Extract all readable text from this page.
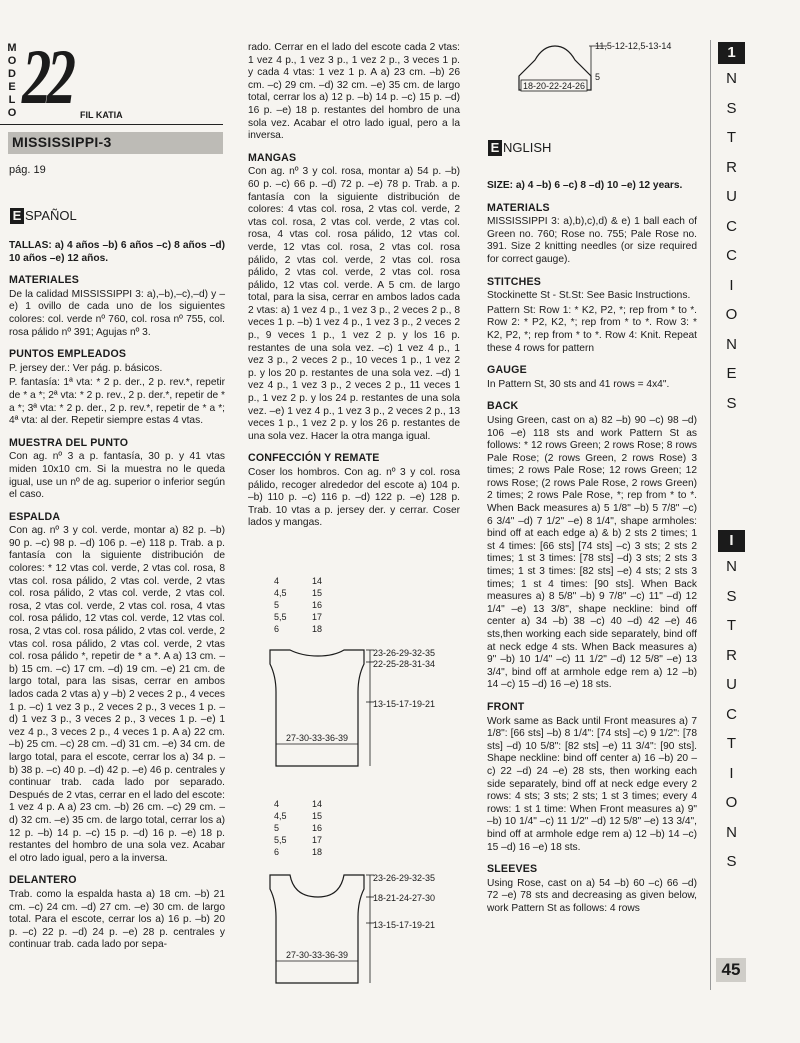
M
O
D
E
L
O 22 FIL KATIA
MISSISSIPPI-3
pág. 19
E SPAÑOL

TALLAS: a) 4 años –b) 6 años –c) 8 años –d) 10 años –e) 12 años.

MATERIALES

De la calidad MISSISSIPPI 3: a),–b),–c),–d) y –e) 1 ovillo de cada uno de los siguientes colores: col. verde nº 760, col. rosa nº 755, col. rosa pálido nº 391; Agujas nº 3.

PUNTOS EMPLEADOS

P. jersey der.: Ver pág. p. básicos.

P. fantasía: 1ª vta: * 2 p. der., 2 p. rev.*, repetir de * a *; 2ª vta: * 2 p. rev., 2 p. der.*, repetir de * a *; 3ª vta: * 2 p. der., 2 p. rev.*, repetir de * a *; 4ª vta: al der. Repetir siempre estas 4 vtas.

MUESTRA DEL PUNTO

Con ag. nº 3 a p. fantasía, 30 p. y 41 vtas miden 10x10 cm. Si la muestra no le queda igual, use un nº de ag. superior o inferior según el caso.

ESPALDA

Con ag. nº 3 y col. verde, montar a) 82 p. –b) 90 p. –c) 98 p. –d) 106 p. –e) 118 p. Trab. a p. fantasía con la siguiente distribución de colores: * 12 vtas col. verde, 2 vtas col. rosa, 8 vtas col. rosa pálido, 2 vtas col. verde, 2 vtas col. rosa pálido, 2 vtas col. verde, 2 vtas col. rosa, 2 vtas col. verde, 2 vtas col. rosa, 4 vtas col. rosa pálido, 12 vtas col. verde, 12 vtas col. rosa, 2 vtas col. rosa pálido, 2 vtas col. verde, 2 vtas col. rosa pálido, 2 vtas col. verde, 2 vtas col. rosa pálido *, repetir de * a *. A a) 13 cm. –b) 15 cm. –c) 17 cm. –d) 19 cm. –e) 21 cm. de largo total, para las sisas, cerrar en ambos lados cada 2 vtas a) y –b) 2 veces 2 p., 4 veces 1 p. –c) 1 vez 3 p., 2 veces 2 p., 3 veces 1 p. –d) 1 vez 3 p., 3 veces 2 p., 3 veces 1 p. –e) 1 vez 4 p., 3 veces 2 p., 4 veces 1 p. A a) 22 cm. –b) 25 cm. –c) 28 cm. –d) 31 cm. –e) 34 cm. de largo total, para el escote, cerrar los a) 34 p. –b) 38 p. –c) 40 p. –d) 42 p. –e) 46 p. centrales y continuar trab. cada lado por separado. Después de 2 vtas, cerrar en el lado del escote: 1 vez 4 p. A a) 23 cm. –b) 26 cm. –c) 29 cm. –d) 32 cm. –e) 35 cm. de largo total, cerrar los a) 12 p. –b) 14 p. –c) 15 p. –d) 16 p. –e) 18 p. restantes del hombro de una sola vez. Acabar el otro lado igual, pero a la inversa.

DELANTERO

Trab. como la espalda hasta a) 18 cm. –b) 21 cm. –c) 24 cm. –d) 27 cm. –e) 30 cm. de largo total. Para el escote, cerrar los a) 16 p. –b) 20 p. –c) 22 p. –d) 24 p. –e) 28 p. centrales y continuar trab. cada lado por sepa-

rado. Cerrar en el lado del escote cada 2 vtas: 1 vez 4 p., 1 vez 3 p., 1 vez 2 p., 3 veces 1 p. y cada 4 vtas: 1 vez 1 p. A a) 23 cm. –b) 26 cm. –c) 29 cm. –d) 32 cm. –e) 35 cm. de largo total, cerrar los a) 12 p. –b) 14 p. –c) 15 p. –d) 16 p. –e) 18 p. restantes del hombro de una sola vez. Acabar el otro lado igual, pero a la inversa.

MANGAS

Con ag. nº 3 y col. rosa, montar a) 54 p. –b) 60 p. –c) 66 p. –d) 72 p. –e) 78 p. Trab. a p. fantasía con la siguiente distribución de colores: 4 vtas col. rosa, 2 vtas col. verde, 2 vtas col. rosa, 2 vtas col. verde, 2 vtas col. rosa, 4 vtas col. rosa pálido, 12 vtas col. verde, 12 vtas col. rosa, 2 vtas col. rosa pálido, 2 vtas col. verde, 2 vtas col. rosa pálido, 2 vtas col. verde, 2 vtas col. rosa pálido, 12 vtas col. verde. A 5 cm. de largo total, para la sisa, cerrar en ambos lados cada 2 vtas: a) 1 vez 4 p., 1 vez 3 p., 2 veces 2 p., 8 veces 1 p. –b) 1 vez 4 p., 1 vez 3 p., 2 veces 2 p., 9 veces 1 p., 1 vez 2 p. y los 16 p. restantes de una sola vez. –c) 1 vez 4 p., 1 vez 3 p., 2 veces 2 p., 10 veces 1 p., 1 vez 2 p. y los 20 p. restantes de una sola vez. –d) 1 vez 4 p., 1 vez 3 p., 2 veces 2 p., 11 veces 1 p., 1 vez 2 p. y los 24 p. restantes de una sola vez. –e) 1 vez 4 p., 1 vez 3 p., 2 veces 2 p., 13 veces 1 p., 1 vez 2 p. y los 26 p. restantes de una sola vez. Hacer la otra manga igual.

CONFECCIÓN Y REMATE

Coser los hombros. Con ag. nº 3 y col. rosa pálido, recoger alrededor del escote a) 104 p. –b) 110 p. –c) 116 p. –d) 122 p. –e) 128 p. Trab. 10 vtas a p. jersey der. y cerrar. Coser lados y mangas.

4
4,5
5
5,5
6
14
15
16
17
18
23-26-29-32-35
22-25-28-31-34
13-15-17-19-21
27-30-33-36-39
4
4,5
5
5,5
6
14
15
16
17
18
23-26-29-32-35
18-21-24-27-30
13-15-17-19-21
27-30-33-36-39
11,5-12-12,5-13-14
18-20-22-24-26
5
E NGLISH

SIZE: a) 4 –b) 6 –c) 8 –d) 10 –e) 12 years.

MATERIALS

MISSISSIPPI 3: a),b),c),d) & e) 1 ball each of Green no. 760; Rose no. 755; Pale Rose no. 391. Size 2 knitting needles (or size required for correct gauge).

STITCHES

Stockinette St - St.St: See Basic Instructions.

Pattern St: Row 1: * K2, P2, *; rep from * to *. Row 2: * P2, K2, *; rep from * to *. Row 3: * K2, P2, *; rep from * to *. Row 4: Knit. Repeat these 4 rows for pattern

GAUGE

In Pattern St, 30 sts and 41 rows = 4x4".

BACK

Using Green, cast on a) 82 –b) 90 –c) 98 –d) 106 –e) 118 sts and work Pattern St as follows: * 12 rows Green; 2 rows Rose; 8 rows Pale Rose; (2 rows Green, 2 rows Rose) 3 times; 2 rows Pale Rose; 12 rows Green; 12 rows Rose; (2 rows Pale Rose, 2 rows Green) 2 times; 2 rows Pale Rose, *; rep from * to *. When Back measures a) 5 1/8" –b) 5 7/8" –c) 6 3/4" –d) 7 1/2" –e) 8 1/4", shape armholes: bind off at each edge a) & b) 2 sts 2 times; 1 st 4 times: [66 sts] [74 sts] –c) 3 sts; 2 sts 2 times; 1 st 3 times: [78 sts] –d) 3 sts; 2 sts 3 times; 1 st 3 times: [82 sts] –e) 4 sts; 2 sts 3 times; 1 st 4 times: [90 sts]. When Back measures a) 8 5/8" –b) 9 7/8" –c) 11" –d) 12 1/4" –e) 13 3/8", shape neckline: bind off center a) 34 –b) 38 –c) 40 –d) 42 –e) 46 sts,then working each side separately, bind off at neck edge 4 sts. When Back measures a) 9" –b) 10 1/4" –c) 11 1/2" –d) 12 5/8" –e) 13 3/4", bind off at armhole edge rem a) 12 –b) 14 –c) 15 –d) 16 –e) 18 sts.

FRONT

Work same as Back until Front measures a) 7 1/8": [66 sts] –b) 8 1/4": [74 sts] –c) 9 1/2": [78 sts] –d) 10 5/8": [82 sts] –e) 11 3/4": [90 sts]. Shape neckline: bind off center a) 16 –b) 20 –c) 22 –d) 24 –e) 28 sts, then working each side separately, bind off at neck edge every 2 rows: 4 sts; 3 sts; 2 sts; 1 st 3 times; every 4 rows: 1 st 1 time: When Front measures a) 9" –b) 10 1/4" –c) 11 1/2" –d) 12 5/8" –e) 13 3/4", bind off at armhole edge rem a) 12 –b) 14 –c) 15 –d) 16 –e) 18 sts.

SLEEVES

Using Rose, cast on a) 54 –b) 60 –c) 66 –d) 72 –e) 78 sts and decreasing as given below, work Pattern St as follows: 4 rows

1
N
S
T
R
U
C
C
I
O
N
E
S
I
N
S
T
R
U
C
T
I
O
N
S
45
